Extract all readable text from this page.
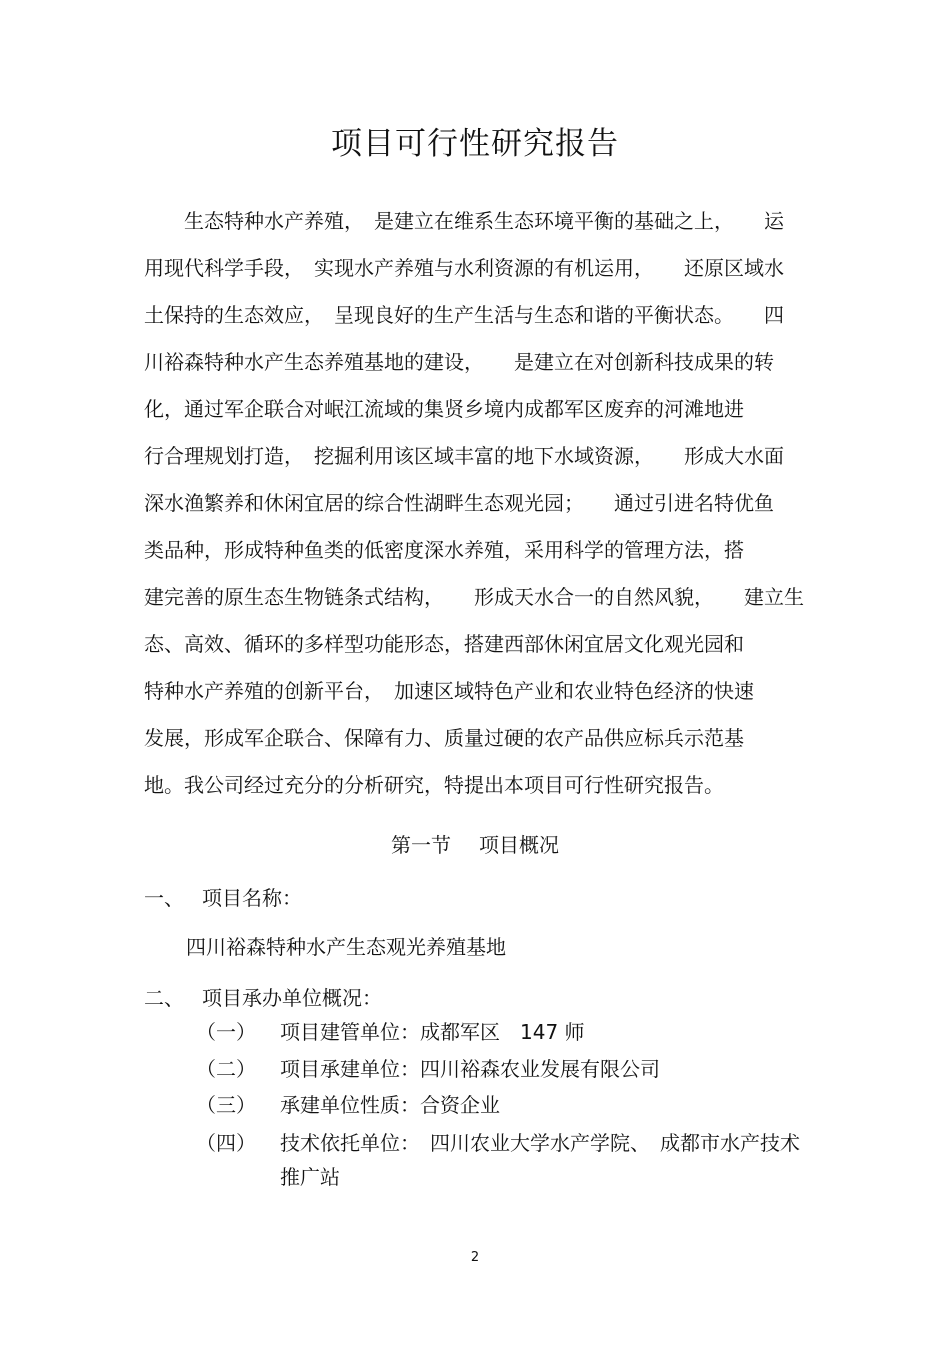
项目可行性研究报告
　　生态特种水产养殖，　是建立在维系生态环境平衡的基础之上，　　运
用现代科学手段，　实现水产养殖与水利资源的有机运用，　　还原区域水
土保持的生态效应，　呈现良好的生产生活与生态和谐的平衡状态。　　四
川裕森特种水产生态养殖基地的建设，　　是建立在对创新科技成果的转
化，通过军企联合对岷江流域的集贤乡境内成都军区废弃的河滩地进
行合理规划打造，　挖掘利用该区域丰富的地下水域资源，　　形成大水面
深水渔繁养和休闲宜居的综合性湖畔生态观光园；　　通过引进名特优鱼
类品种，形成特种鱼类的低密度深水养殖，采用科学的管理方法，搭
建完善的原生态生物链条式结构，　　形成天水合一的自然风貌，　　建立生
态、高效、循环的多样型功能形态，搭建西部休闲宜居文化观光园和
特种水产养殖的创新平台，　加速区域特色产业和农业特色经济的快速
发展，形成军企联合、保障有力、质量过硬的农产品供应标兵示范基
地。我公司经过充分的分析研究，特提出本项目可行性研究报告。
第一节 项目概况
一、 项目名称：
四川裕森特种水产生态观光养殖基地
二、 项目承办单位概况：
（一） 项目建管单位：成都军区　147 师
（二） 项目承建单位：四川裕森农业发展有限公司
（三） 承建单位性质：合资企业
（四） 技术依托单位：　四川农业大学水产学院、　成都市水产技术推广站
2
